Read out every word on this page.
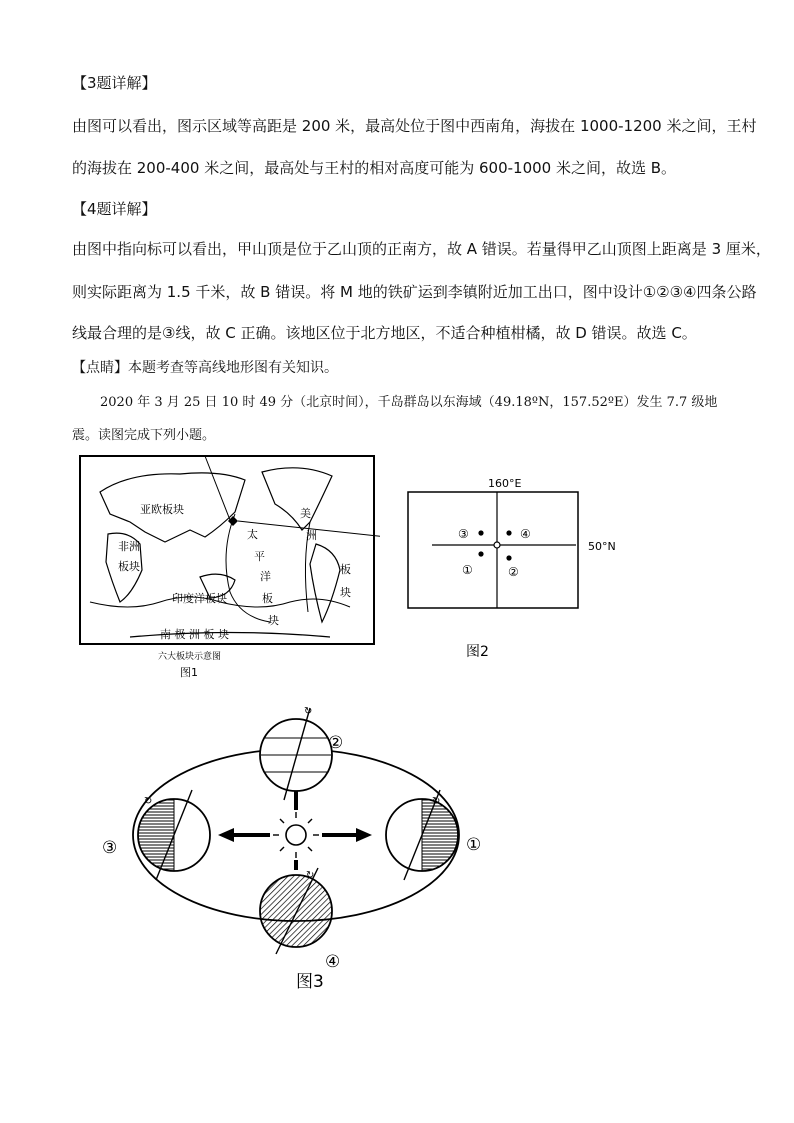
【3题详解】
由图可以看出，图示区域等高距是 200 米，最高处位于图中西南角，海拔在 1000-1200 米之间，王村
的海拔在 200-400 米之间，最高处与王村的相对高度可能为 600-1000 米之间，故选 B。
【4题详解】
由图中指向标可以看出，甲山顶是位于乙山顶的正南方，故 A 错误。若量得甲乙山顶图上距离是 3 厘米，
则实际距离为 1.5 千米，故 B 错误。将 M 地的铁矿运到李镇附近加工出口，图中设计①②③④四条公路
线最合理的是③线，故 C 正确。该地区位于北方地区，不适合种植柑橘，故 D 错误。故选 C。
【点睛】本题考查等高线地形图有关知识。
2020 年 3 月 25 日 10 时 49 分（北京时间），千岛群岛以东海域（49.18ºN，157.52ºE）发生 7.7 级地
震。读图完成下列小题。
亚欧板块
非洲
板块
太
平
洋
板
块
美
洲
板
块
印度洋板块
南 极 洲 板 块
六大板块示意图
图1
160°E
50°N
③	④
①	②
图2
↻
↻	↻
↻
②
③	①
④
图3
